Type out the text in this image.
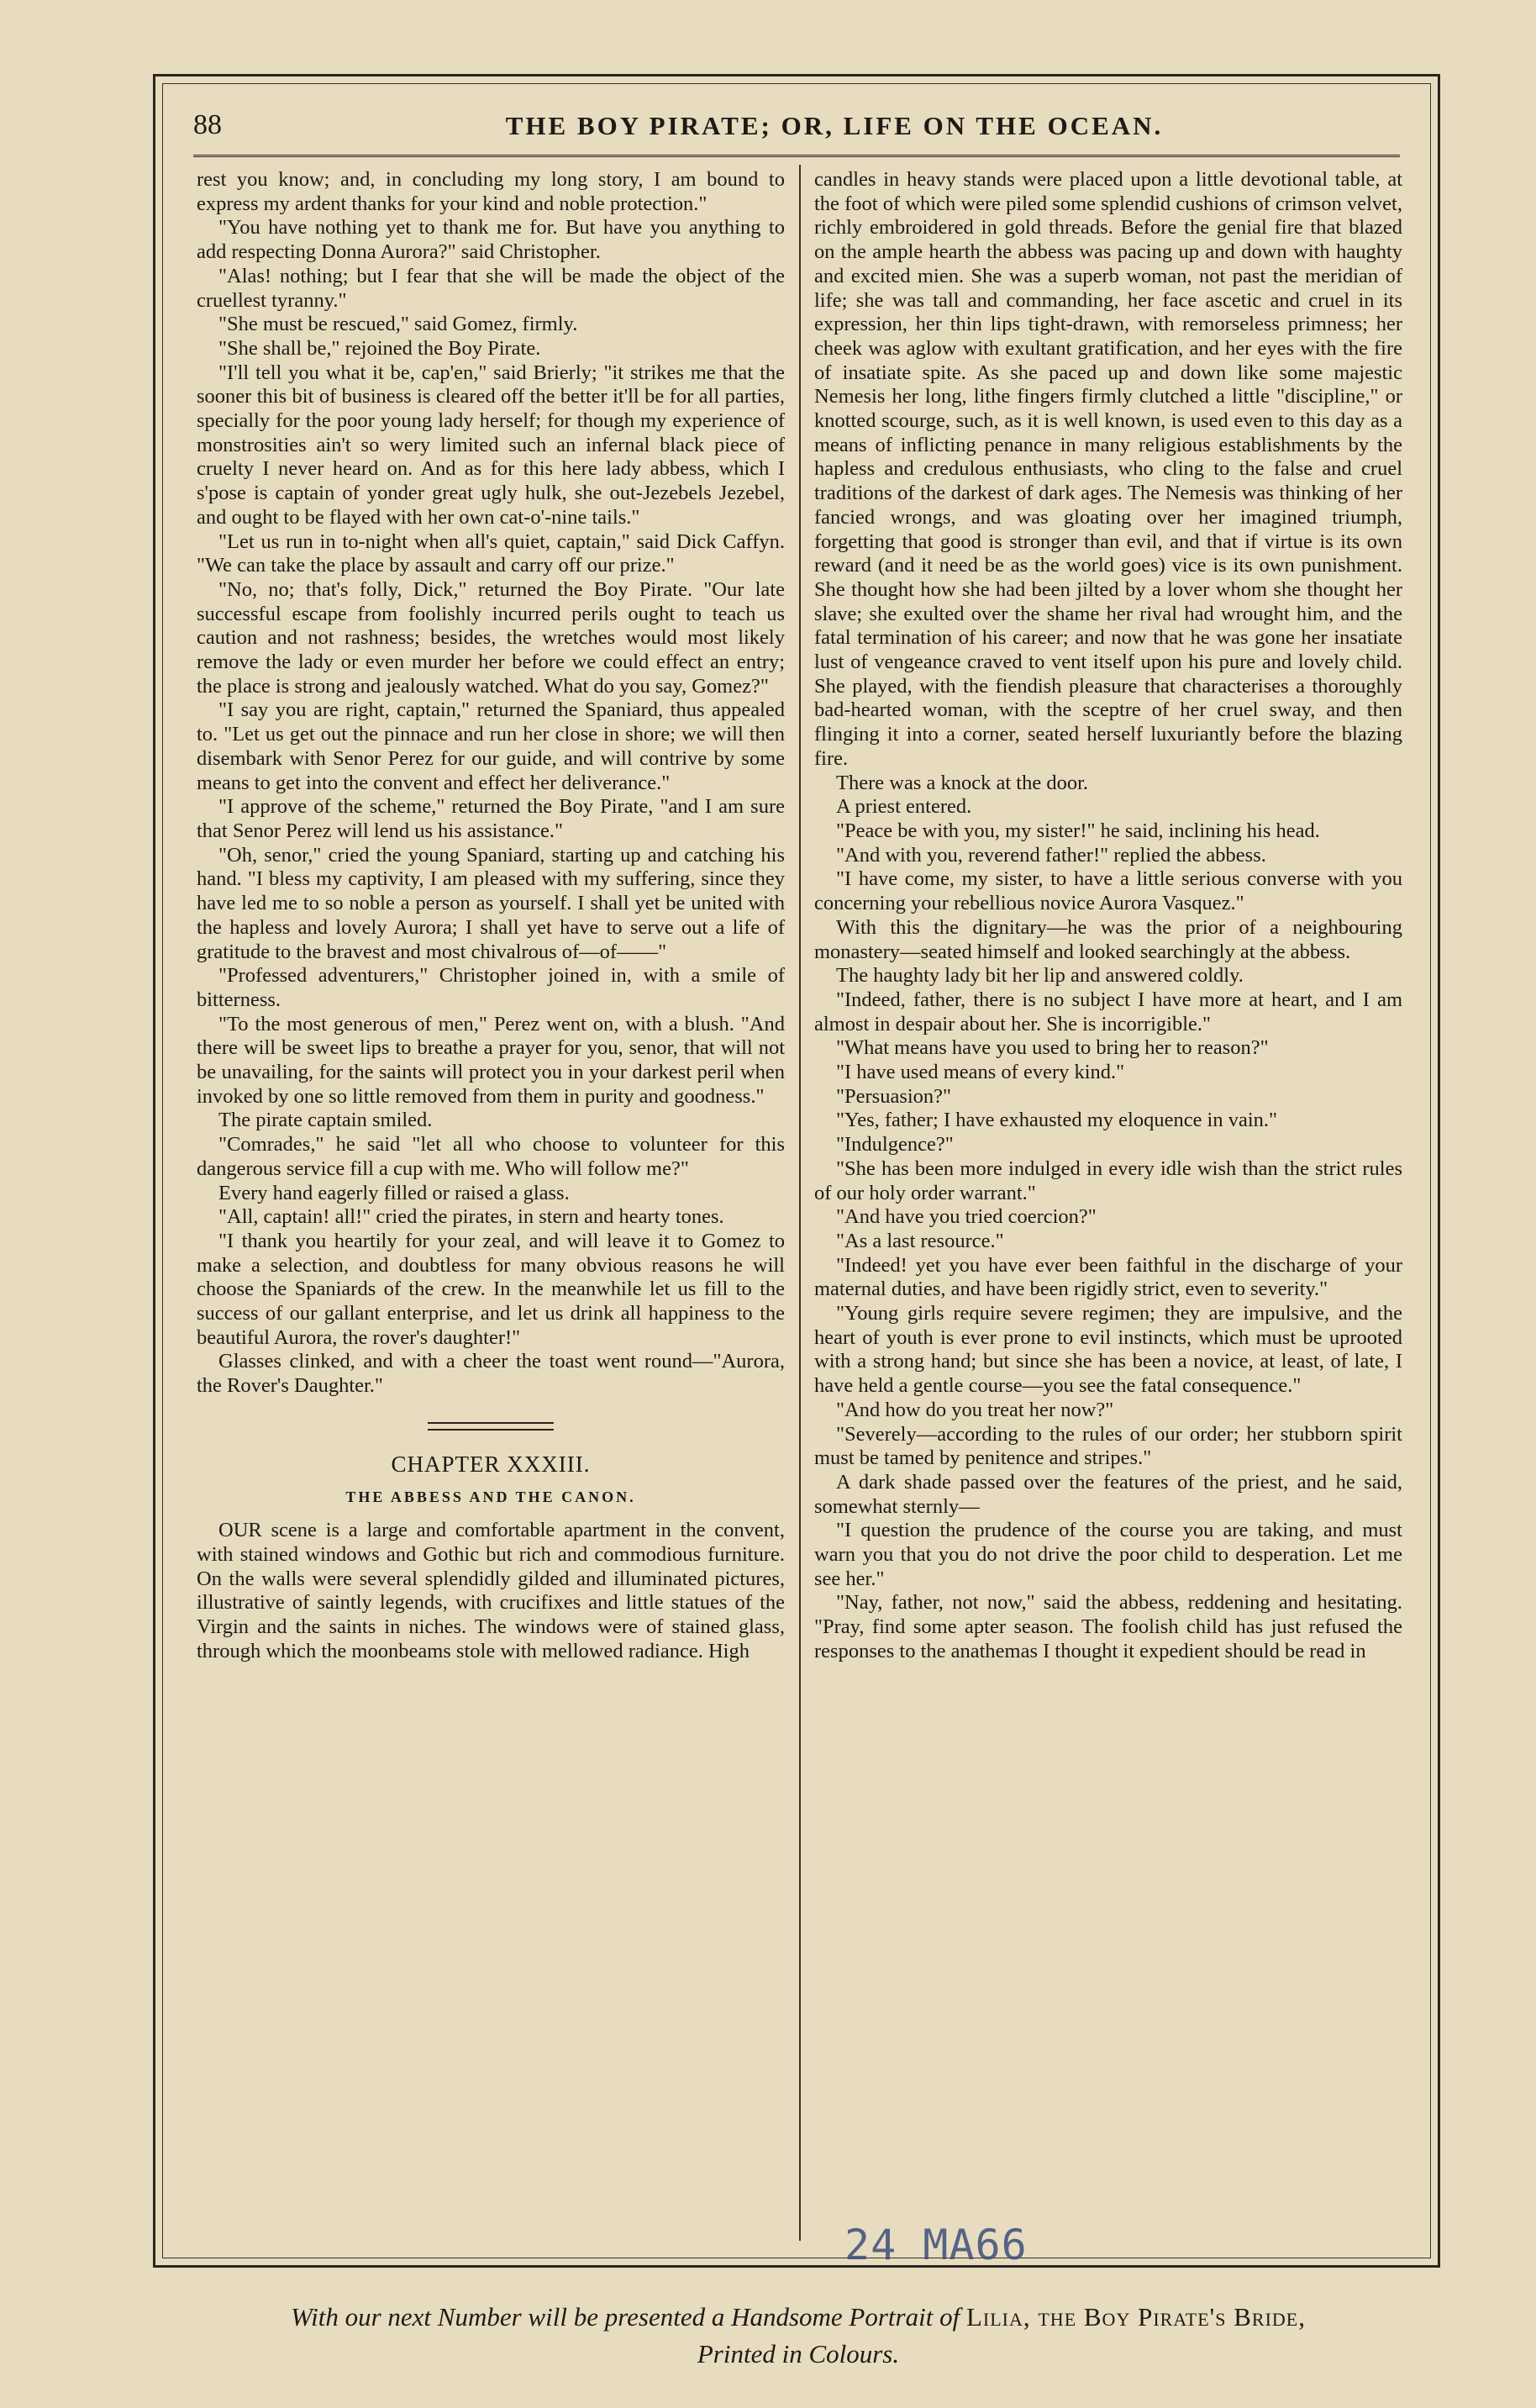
88	THE BOY PIRATE; OR, LIFE ON THE OCEAN.

rest you know; and, in concluding my long story, I am bound to express my ardent thanks for your kind and noble protection."

"You have nothing yet to thank me for. But have you anything to add respecting Donna Aurora?" said Christopher.

"Alas! nothing; but I fear that she will be made the object of the cruellest tyranny."

"She must be rescued," said Gomez, firmly.

"She shall be," rejoined the Boy Pirate.

"I'll tell you what it be, cap'en," said Brierly; "it strikes me that the sooner this bit of business is cleared off the better it'll be for all parties, specially for the poor young lady herself; for though my experience of monstrosities ain't so wery limited such an infernal black piece of cruelty I never heard on. And as for this here lady abbess, which I s'pose is captain of yonder great ugly hulk, she out-Jezebels Jezebel, and ought to be flayed with her own cat-o'-nine tails."

"Let us run in to-night when all's quiet, captain," said Dick Caffyn. "We can take the place by assault and carry off our prize."

"No, no; that's folly, Dick," returned the Boy Pirate. "Our late successful escape from foolishly incurred perils ought to teach us caution and not rashness; besides, the wretches would most likely remove the lady or even murder her before we could effect an entry; the place is strong and jealously watched. What do you say, Gomez?"

"I say you are right, captain," returned the Spaniard, thus appealed to. "Let us get out the pinnace and run her close in shore; we will then disembark with Senor Perez for our guide, and will contrive by some means to get into the convent and effect her deliverance."

"I approve of the scheme," returned the Boy Pirate, "and I am sure that Senor Perez will lend us his assistance."

"Oh, senor," cried the young Spaniard, starting up and catching his hand. "I bless my captivity, I am pleased with my suffering, since they have led me to so noble a person as yourself. I shall yet be united with the hapless and lovely Aurora; I shall yet have to serve out a life of gratitude to the bravest and most chivalrous of—of——"

"Professed adventurers," Christopher joined in, with a smile of bitterness.

"To the most generous of men," Perez went on, with a blush. "And there will be sweet lips to breathe a prayer for you, senor, that will not be unavailing, for the saints will protect you in your darkest peril when invoked by one so little removed from them in purity and goodness."

The pirate captain smiled.

"Comrades," he said "let all who choose to volunteer for this dangerous service fill a cup with me. Who will follow me?"

Every hand eagerly filled or raised a glass.

"All, captain! all!" cried the pirates, in stern and hearty tones.

"I thank you heartily for your zeal, and will leave it to Gomez to make a selection, and doubtless for many obvious reasons he will choose the Spaniards of the crew. In the meanwhile let us fill to the success of our gallant enterprise, and let us drink all happiness to the beautiful Aurora, the rover's daughter!"

Glasses clinked, and with a cheer the toast went round—"Aurora, the Rover's Daughter."

CHAPTER XXXIII.
THE ABBESS AND THE CANON.

OUR scene is a large and comfortable apartment in the convent, with stained windows and Gothic but rich and commodious furniture. On the walls were several splendidly gilded and illuminated pictures, illustrative of saintly legends, with crucifixes and little statues of the Virgin and the saints in niches. The windows were of stained glass, through which the moonbeams stole with mellowed radiance. High

candles in heavy stands were placed upon a little devotional table, at the foot of which were piled some splendid cushions of crimson velvet, richly embroidered in gold threads. Before the genial fire that blazed on the ample hearth the abbess was pacing up and down with haughty and excited mien. She was a superb woman, not past the meridian of life; she was tall and commanding, her face ascetic and cruel in its expression, her thin lips tight-drawn, with remorseless primness; her cheek was aglow with exultant gratification, and her eyes with the fire of insatiate spite. As she paced up and down like some majestic Nemesis her long, lithe fingers firmly clutched a little "discipline," or knotted scourge, such, as it is well known, is used even to this day as a means of inflicting penance in many religious establishments by the hapless and credulous enthusiasts, who cling to the false and cruel traditions of the darkest of dark ages. The Nemesis was thinking of her fancied wrongs, and was gloating over her imagined triumph, forgetting that good is stronger than evil, and that if virtue is its own reward (and it need be as the world goes) vice is its own punishment. She thought how she had been jilted by a lover whom she thought her slave; she exulted over the shame her rival had wrought him, and the fatal termination of his career; and now that he was gone her insatiate lust of vengeance craved to vent itself upon his pure and lovely child. She played, with the fiendish pleasure that characterises a thoroughly bad-hearted woman, with the sceptre of her cruel sway, and then flinging it into a corner, seated herself luxuriantly before the blazing fire.

There was a knock at the door.

A priest entered.

"Peace be with you, my sister!" he said, inclining his head.

"And with you, reverend father!" replied the abbess.

"I have come, my sister, to have a little serious converse with you concerning your rebellious novice Aurora Vasquez."

With this the dignitary—he was the prior of a neighbouring monastery—seated himself and looked searchingly at the abbess.

The haughty lady bit her lip and answered coldly.

"Indeed, father, there is no subject I have more at heart, and I am almost in despair about her. She is incorrigible."

"What means have you used to bring her to reason?"

"I have used means of every kind."

"Persuasion?"

"Yes, father; I have exhausted my eloquence in vain."

"Indulgence?"

"She has been more indulged in every idle wish than the strict rules of our holy order warrant."

"And have you tried coercion?"

"As a last resource."

"Indeed! yet you have ever been faithful in the discharge of your maternal duties, and have been rigidly strict, even to severity."

"Young girls require severe regimen; they are impulsive, and the heart of youth is ever prone to evil instincts, which must be uprooted with a strong hand; but since she has been a novice, at least, of late, I have held a gentle course—you see the fatal consequence."

"And how do you treat her now?"

"Severely—according to the rules of our order; her stubborn spirit must be tamed by penitence and stripes."

A dark shade passed over the features of the priest, and he said, somewhat sternly—

"I question the prudence of the course you are taking, and must warn you that you do not drive the poor child to desperation. Let me see her."

"Nay, father, not now," said the abbess, reddening and hesitating. "Pray, find some apter season. The foolish child has just refused the responses to the anathemas I thought it expedient should be read in

24 MA66
With our next Number will be presented a Handsome Portrait of Lilia, the Boy Pirate's Bride,
Printed in Colours.
